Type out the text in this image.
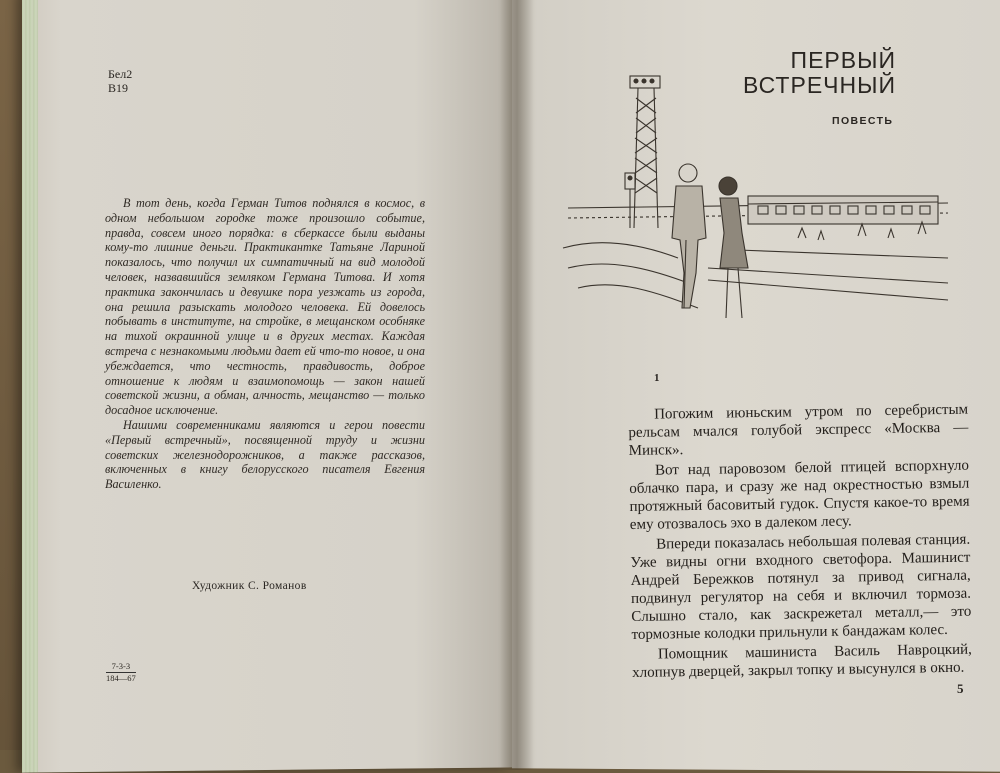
Бел2
В19

В тот день, когда Герман Титов поднялся в космос, в одном небольшом городке тоже произошло событие, правда, совсем иного порядка: в сберкассе были выданы кому-то лишние деньги. Практикантке Татьяне Лариной показалось, что получил их симпатичный на вид молодой человек, назвавшийся земляком Германа Титова. И хотя практика закончилась и девушке пора уезжать из города, она решила разыскать молодого человека. Ей довелось побывать в институте, на стройке, в мещанском особняке на тихой окраинной улице и в других местах. Каждая встреча с незнакомыми людьми дает ей что-то новое, и она убеждается, что честность, правдивость, доброе отношение к людям и взаимопомощь — закон нашей советской жизни, а обман, алчность, мещанство — только досадное исключение.

Нашими современниками являются и герои повести «Первый встречный», посвященной труду и жизни советских железнодорожников, а также рассказов, включенных в книгу белорусского писателя Евгения Василенко.

Художник С. Романов
7-3-3
184—67
ПЕРВЫЙ
ВСТРЕЧНЫЙ
ПОВЕСТЬ
1

Погожим июньским утром по серебристым рельсам мчался голубой экспресс «Москва — Минск».

Вот над паровозом белой птицей вспорхнуло облачко пара, и сразу же над окрестностью взмыл протяжный басовитый гудок. Спустя какое-то время ему отозвалось эхо в далеком лесу.

Впереди показалась небольшая полевая станция. Уже видны огни входного светофора. Машинист Андрей Бережков потянул за привод сигнала, подвинул регулятор на себя и включил тормоза. Слышно стало, как заскрежетал металл,— это тормозные колодки прильнули к бандажам колес.

Помощник машиниста Василь Навроцкий, хлопнув дверцей, закрыл топку и высунулся в окно.

5
